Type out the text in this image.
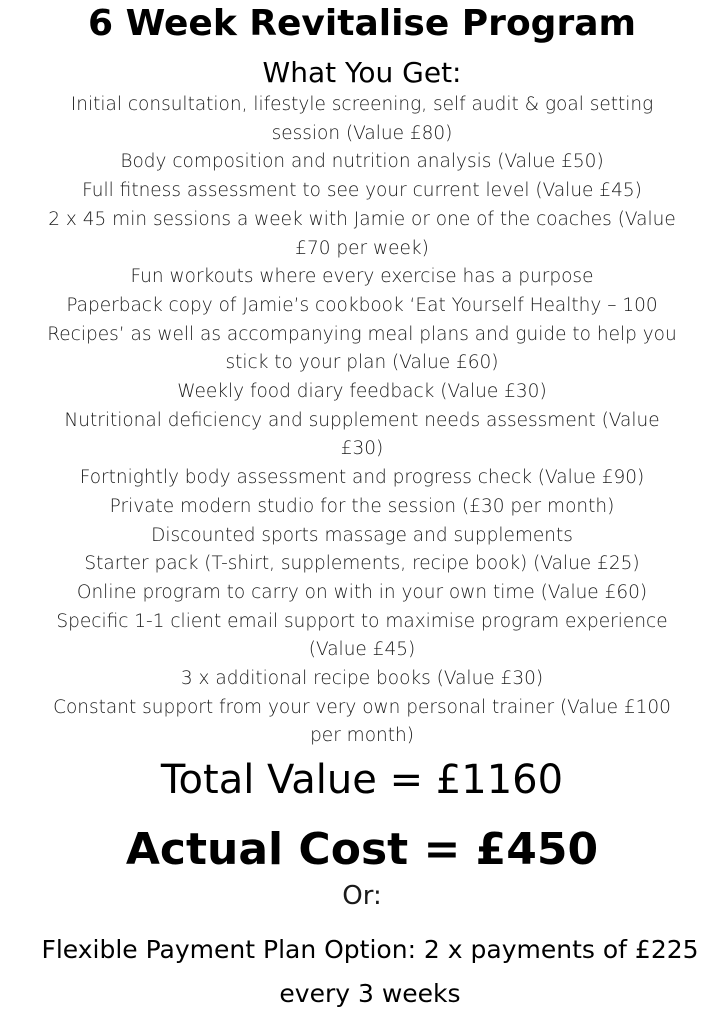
6 Week Revitalise Program
What You Get:
Initial consultation, lifestyle screening, self audit & goal setting session (Value £80)
Body composition and nutrition analysis (Value £50)
Full fitness assessment to see your current level (Value £45)
2 x 45 min sessions a week with Jamie or one of the coaches (Value £70 per week)
Fun workouts where every exercise has a purpose
Paperback copy of Jamie’s cookbook ‘Eat Yourself Healthy – 100 Recipes’ as well as accompanying meal plans and guide to help you stick to your plan (Value £60)
Weekly food diary feedback (Value £30)
Nutritional deficiency and supplement needs assessment (Value £30)
Fortnightly body assessment and progress check (Value £90)
Private modern studio for the session (£30 per month)
Discounted sports massage and supplements
Starter pack (T-shirt, supplements, recipe book) (Value £25)
Online program to carry on with in your own time (Value £60)
Specific 1-1 client email support to maximise program experience (Value £45)
3 x additional recipe books (Value £30)
Constant support from your very own personal trainer (Value £100 per month)
Total Value = £1160
Actual Cost = £450
Or:
Flexible Payment Plan Option: 2 x payments of £225 every 3 weeks
